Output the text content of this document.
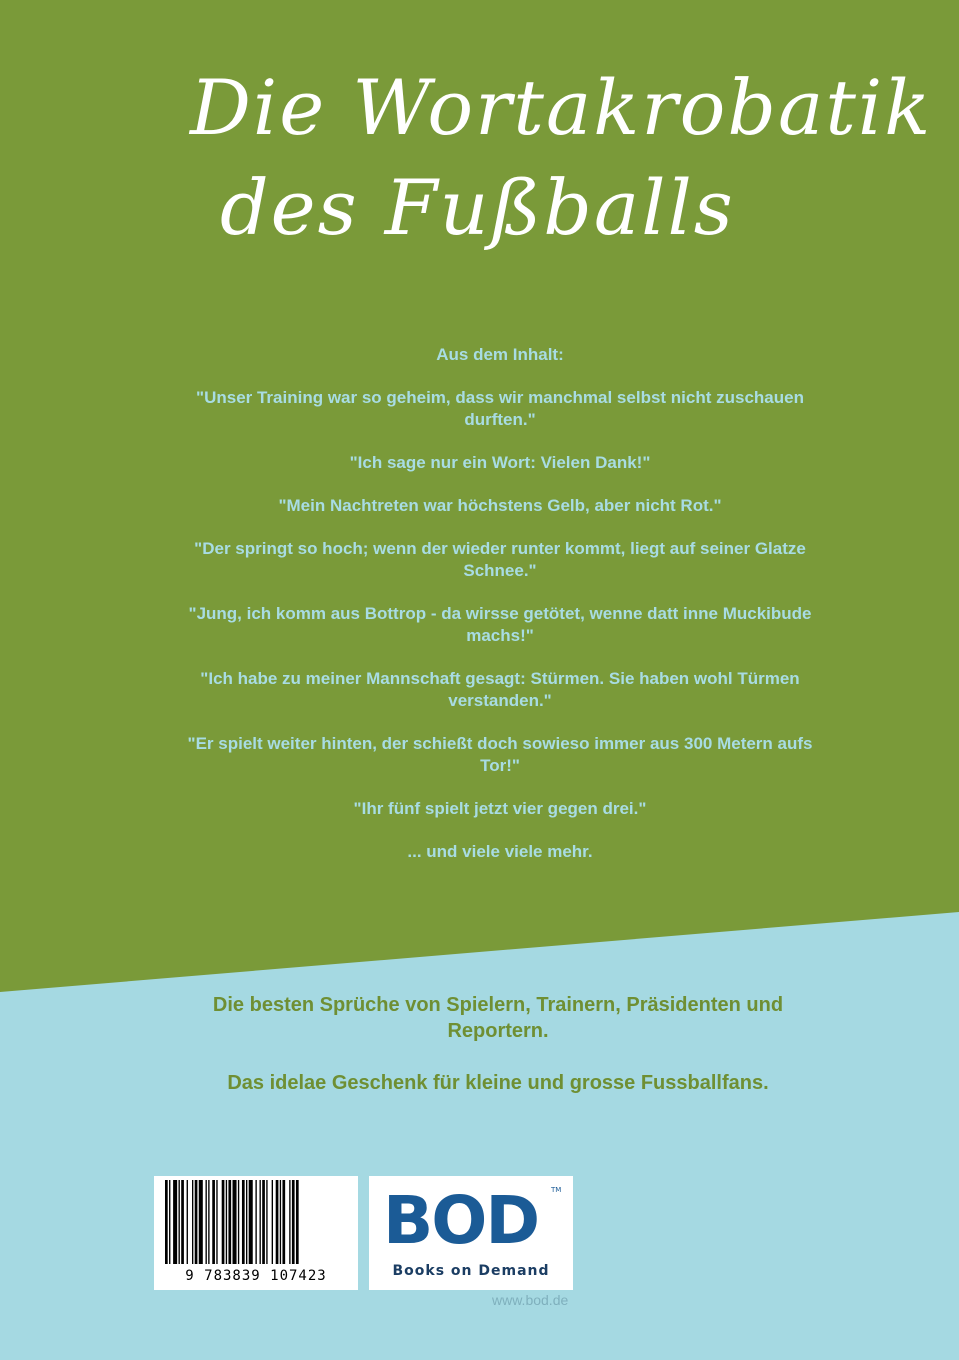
Die Wortakrobatik
des Fußballs

Aus dem Inhalt:

"Unser Training war so geheim, dass wir manchmal selbst nicht zuschauen durften."

"Ich sage nur ein Wort: Vielen Dank!"

"Mein Nachtreten war höchstens Gelb, aber nicht Rot."

"Der springt so hoch; wenn der wieder runter kommt, liegt auf seiner Glatze Schnee."

"Jung, ich komm aus Bottrop - da wirsse getötet, wenne datt inne Muckibude machs!"

"Ich habe zu meiner Mannschaft gesagt: Stürmen. Sie haben wohl Türmen verstanden."

"Er spielt weiter hinten, der schießt doch sowieso immer aus 300 Metern aufs Tor!"

"Ihr fünf spielt jetzt vier gegen drei."

... und viele viele mehr.

Die besten Sprüche von Spielern, Trainern, Präsidenten und Reportern.

Das idelae Geschenk für kleine und grosse Fussballfans.

9 783839 107423
BOD TM
Books on Demand
www.bod.de
